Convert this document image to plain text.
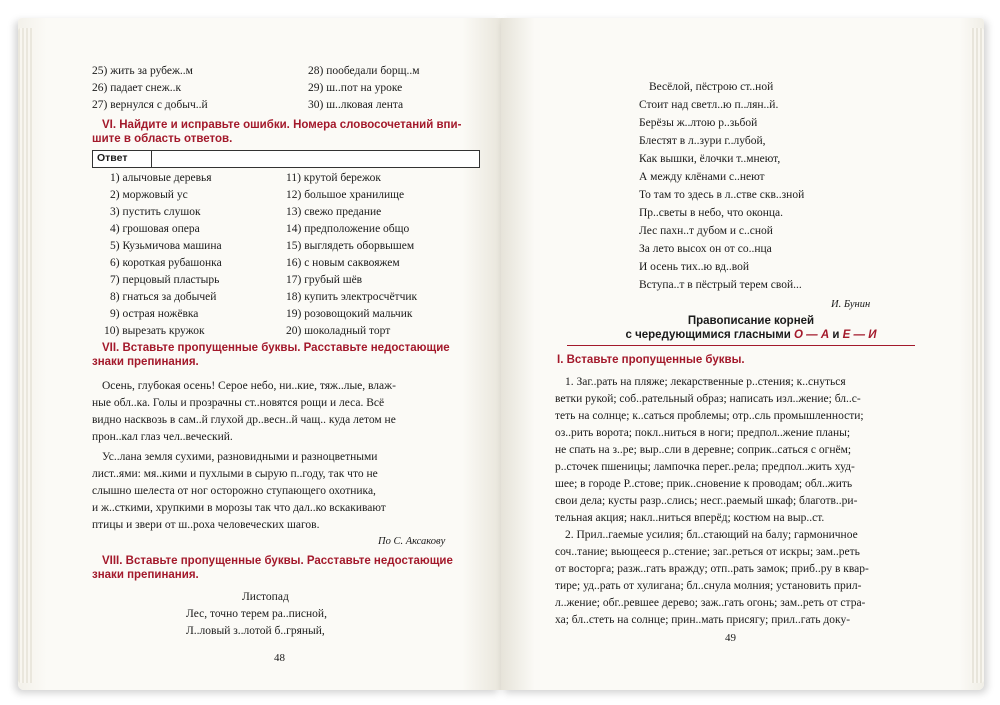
25) жить за рубеж..м
26) падает снеж..к
27) вернулся с добыч..й
28) пообедали борщ..м
29) ш..пот на уроке
30) ш..лковая лента
VI. Найдите и исправьте ошибки. Номера словосочетаний впи-
шите в область ответов.
Ответ
1) алычовые деревья
2) моржовый ус
3) пустить слушок
4) грошовая опера
5) Кузьмичова машина
6) короткая рубашонка
7) перцовый пластырь
8) гнаться за добычей
9) острая ножёвка
10) вырезать кружок
11) крутой бережок
12) большое хранилище
13) свежо предание
14) предположение общо
15) выглядеть оборвышем
16) с новым саквояжем
17) грубый шёв
18) купить электросчётчик
19) розовощокий мальчик
20) шоколадный торт
VII. Вставьте пропущенные буквы. Расставьте недостающие
знаки препинания.
Осень, глубокая осень! Серое небо, ни..кие, тяж..лые, влаж-
ные обл..ка. Голы и прозрачны ст..новятся рощи и леса. Всё
видно насквозь в сам..й глухой др..весн..й чащ.. куда летом не
прон..кал глаз чел..веческий.
Ус..лана земля сухими, разновидными и разноцветными
лист..ями: мя..кими и пухлыми в сырую п..году, так что не
слышно шелеста от ног осторожно ступающего охотника,
и ж..сткими, хрупкими в морозы так что дал..ко вскакивают
птицы и звери от ш..роха человеческих шагов.
По С. Аксакову
VIII. Вставьте пропущенные буквы. Расставьте недостающие
знаки препинания.
Листопад
Лес, точно терем ра..писной,
Л..ловый з..лотой б..гряный,
48
Весёлой, пёстрою ст..ной
Стоит над светл..ю п..лян..й.
Берёзы ж..лтою р..зьбой
Блестят в л..зури г..лубой,
Как вышки, ёлочки т..мнеют,
А между клёнами с..неют
То там то здесь в л..стве скв..зной
Пр..светы в небо, что оконца.
Лес пахн..т дубом и с..сной
За лето высох он от со..нца
И осень тих..ю вд..вой
Вступа..т в пёстрый терем свой...
И. Бунин
Правописание корней
с чередующимися гласными О — А и Е — И
I. Вставьте пропущенные буквы.
1. Заг..рать на пляже; лекарственные р..стения; к..снуться
ветки рукой; соб..рательный образ; написать изл..жение; бл..с-
теть на солнце; к..саться проблемы; отр..сль промышленности;
оз..рить ворота; покл..ниться в ноги; предпол..жение планы;
не спать на з..ре; выр..сли в деревне; соприк..саться с огнём;
р..сточек пшеницы; лампочка перег..рела; предпол..жить худ-
шее; в городе Р..стове; прик..сновение к проводам; обл..жить
свои дела; кусты разр..слись; несг..раемый шкаф; благотв..ри-
тельная акция; накл..ниться вперёд; костюм на выр..ст.
2. Прил..гаемые усилия; бл..стающий на балу; гармоничное
соч..тание; вьющееся р..стение; заг..реться от искры; зам..реть
от восторга; разж..гать вражду; отп..рать замок; приб..ру в квар-
тире; уд..рать от хулигана; бл..снула молния; установить прил-
л..жение; обг..ревшее дерево; заж..гать огонь; зам..реть от стра-
ха; бл..стеть на солнце; прин..мать присягу; прил..гать доку-
49
